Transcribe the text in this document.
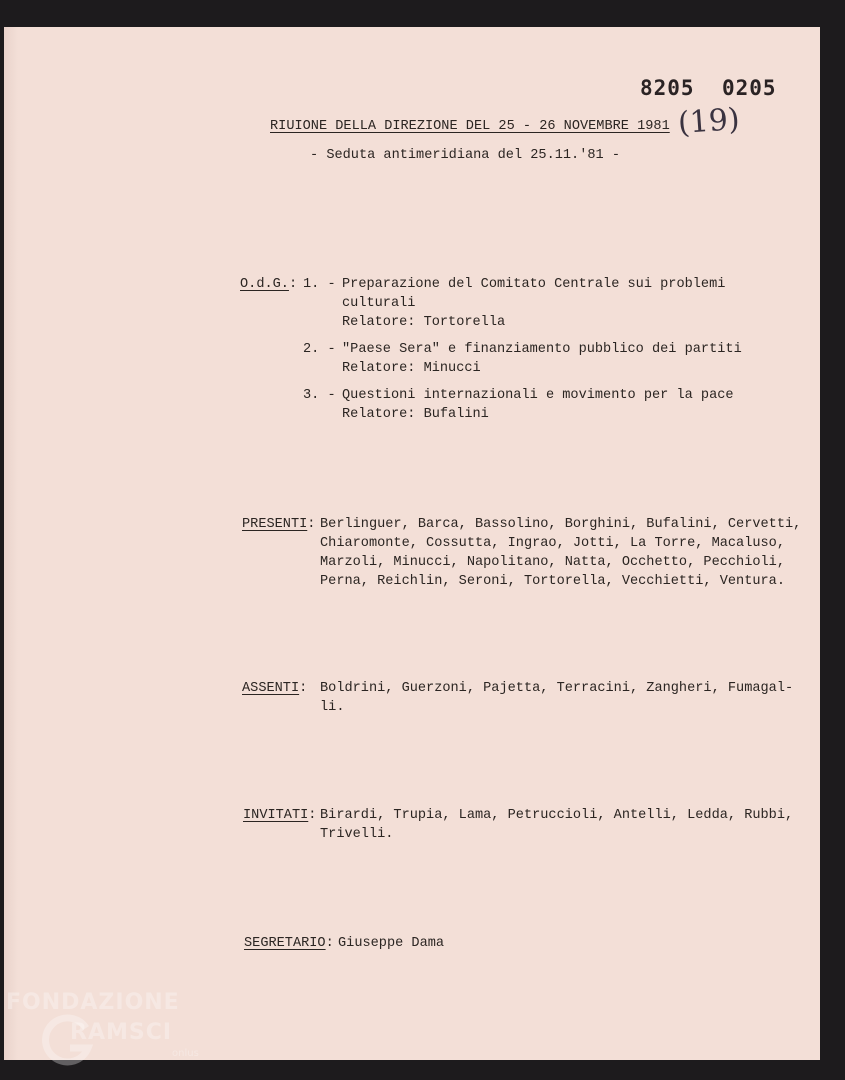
8205 0205
(19)
RIUIONE DELLA DIREZIONE DEL 25 - 26 NOVEMBRE 1981
- Seduta antimeridiana del 25.11.'81 -
O.d.G.: 1. - Preparazione del Comitato Centrale sui problemi
culturali
Relatore: Tortorella
2. - "Paese Sera" e finanziamento pubblico dei partiti
Relatore: Minucci
3. - Questioni internazionali e movimento per la pace
Relatore: Bufalini
PRESENTI: Berlinguer, Barca, Bassolino, Borghini, Bufalini, Cervetti,
Chiaromonte, Cossutta, Ingrao, Jotti, La Torre, Macaluso,
Marzoli, Minucci, Napolitano, Natta, Occhetto, Pecchioli,
Perna, Reichlin, Seroni, Tortorella, Vecchietti, Ventura.
ASSENTI: Boldrini, Guerzoni, Pajetta, Terracini, Zangheri, Fumagal-
li.
INVITATI: Birardi, Trupia, Lama, Petruccioli, Antelli, Ledda, Rubbi,
Trivelli.
SEGRETARIO: Giuseppe Dama
FONDAZIONE
RAMSCI
onlus
